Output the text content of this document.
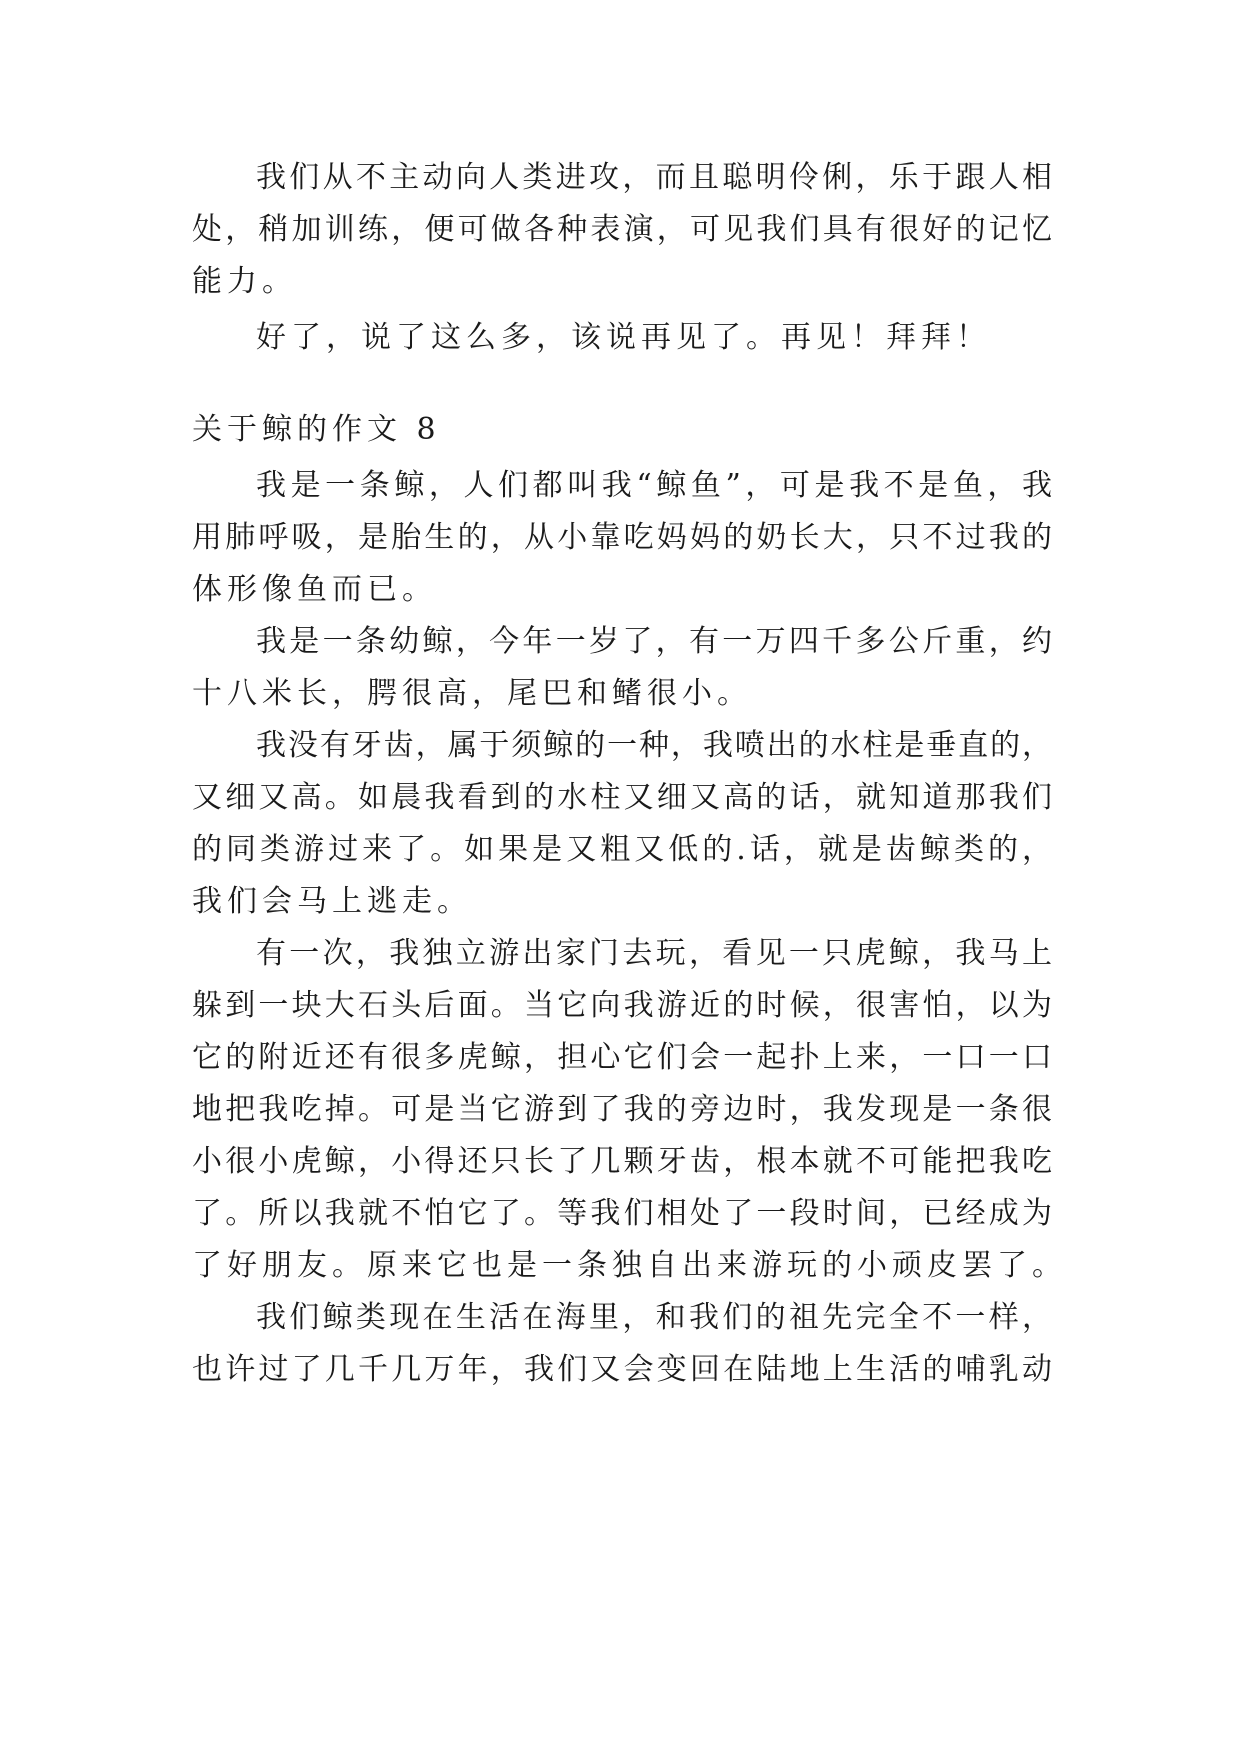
我们从不主动向人类进攻，而且聪明伶俐，乐于跟人相
处，稍加训练，便可做各种表演，可见我们具有很好的记忆
能力。
好了，说了这么多，该说再见了。再见！拜拜！
关于鲸的作文 8
我是一条鲸，人们都叫我“鲸鱼”，可是我不是鱼，我
用肺呼吸，是胎生的，从小靠吃妈妈的奶长大，只不过我的
体形像鱼而已。
我是一条幼鲸，今年一岁了，有一万四千多公斤重，约
十八米长，腭很高，尾巴和鳍很小。
我没有牙齿，属于须鲸的一种，我喷出的水柱是垂直的，
又细又高。如晨我看到的水柱又细又高的话，就知道那我们
的同类游过来了。如果是又粗又低的.话，就是齿鲸类的，
我们会马上逃走。
有一次，我独立游出家门去玩，看见一只虎鲸，我马上
躲到一块大石头后面。当它向我游近的时候，很害怕，以为
它的附近还有很多虎鲸，担心它们会一起扑上来，一口一口
地把我吃掉。可是当它游到了我的旁边时，我发现是一条很
小很小虎鲸，小得还只长了几颗牙齿，根本就不可能把我吃
了。所以我就不怕它了。等我们相处了一段时间，已经成为
了好朋友。原来它也是一条独自出来游玩的小顽皮罢了。
我们鲸类现在生活在海里，和我们的祖先完全不一样，
也许过了几千几万年，我们又会变回在陆地上生活的哺乳动
